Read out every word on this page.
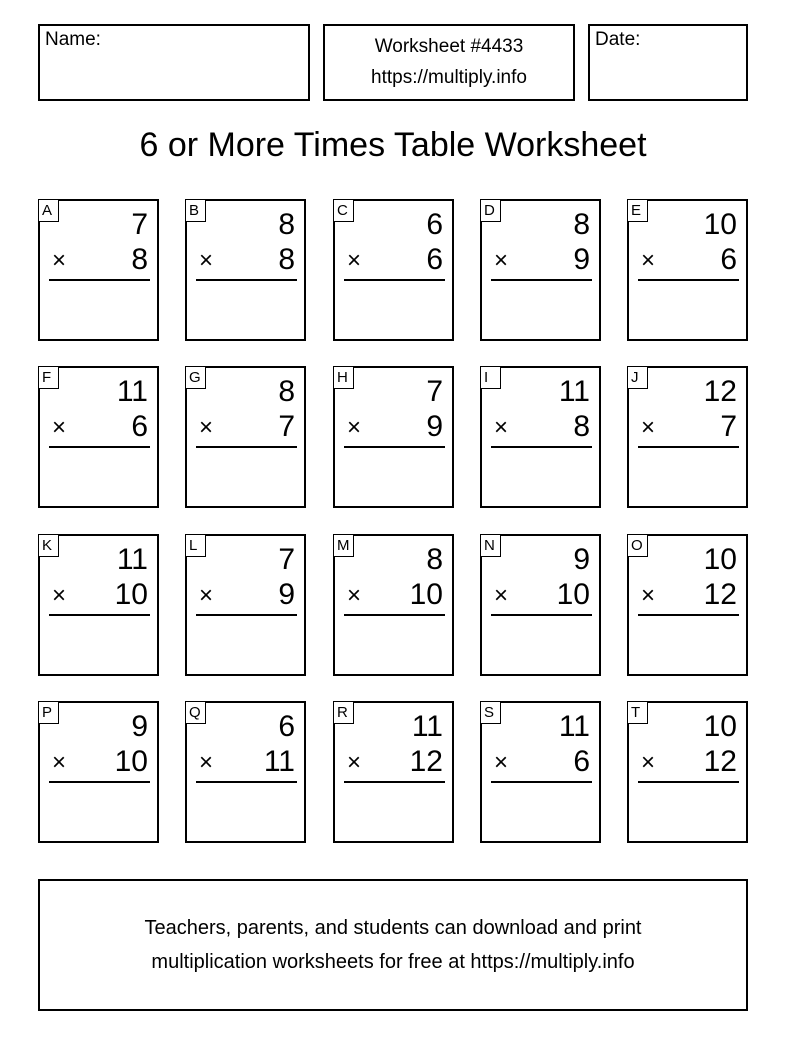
Name:	Worksheet #4433
https://multiply.info
Date:
6 or More Times Table Worksheet
A	7
× 8
B	8
× 8
C	6
× 6
D	8
× 9
E 10
× 6
F 11
× 6
G	8
× 7
H	7
× 9
I	11
× 8
J	12
× 7
K 11
× 10
L	7
× 9
M	8
× 10
N	9
× 10
O 10
× 12
P	9
× 10
Q	6
× 11
R 11
× 12
S 11
× 6
T 10
× 12
Teachers, parents, and students can download and print
multiplication worksheets for free at https://multiply.info
